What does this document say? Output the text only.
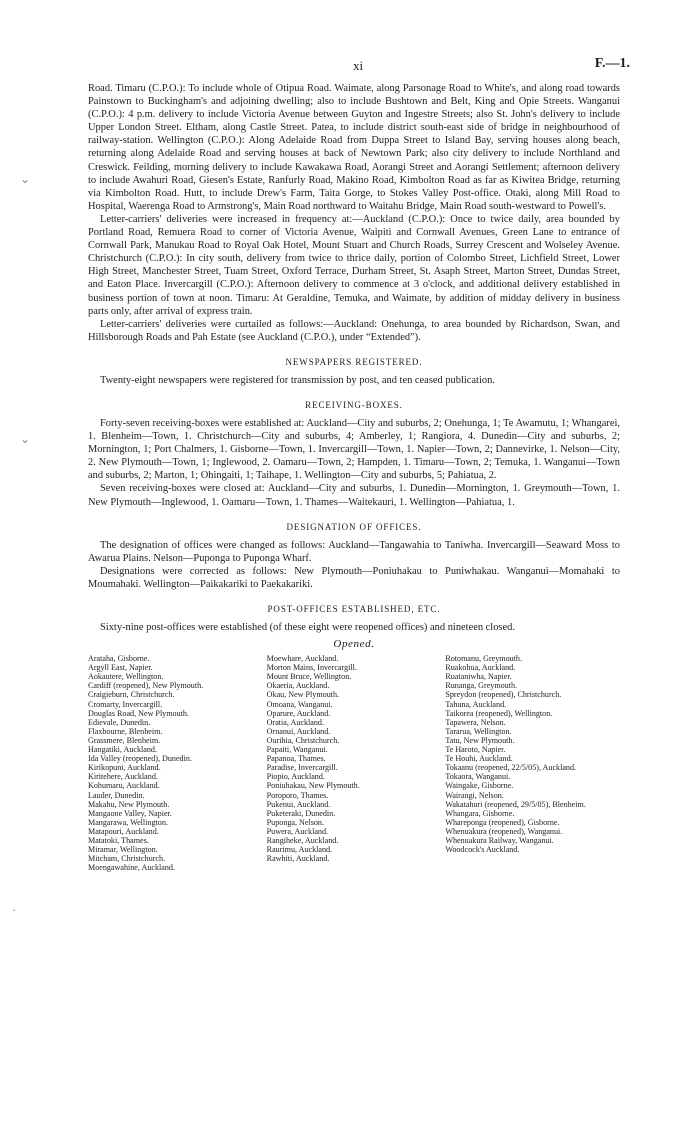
⌄
⌄
·
xi	F.—1.

Road. Timaru (C.P.O.): To include whole of Otipua Road. Waimate, along Parsonage Road to White's, and along road towards Painstown to Buckingham's and adjoining dwelling; also to include Bushtown and Belt, King and Opie Streets. Wanganui (C.P.O.): 4 p.m. delivery to include Victoria Avenue between Guyton and Ingestre Streets; also St. John's delivery to include Upper London Street. Eltham, along Castle Street. Patea, to include district south-east side of bridge in neighbourhood of railway-station. Wellington (C.P.O.): Along Adelaide Road from Duppa Street to Island Bay, serving houses along beach, returning along Adelaide Road and serving houses at back of Newtown Park; also city delivery to include Northland and Creswick. Feilding, morning delivery to include Kawakawa Road, Aorangi Street and Aorangi Settlement; afternoon delivery to include Awahuri Road, Giesen's Estate, Ranfurly Road, Makino Road, Kimbolton Road as far as Kiwitea Bridge, returning via Kimbolton Road. Hutt, to include Drew's Farm, Taita Gorge, to Stokes Valley Post-office. Otaki, along Mill Road to Hospital, Waerenga Road to Armstrong's, Main Road northward to Waitahu Bridge, Main Road south-westward to Powell's.

Letter-carriers' deliveries were increased in frequency at:—Auckland (C.P.O.): Once to twice daily, area bounded by Portland Road, Remuera Road to corner of Victoria Avenue, Waipiti and Cornwall Avenues, Green Lane to entrance of Cornwall Park, Manukau Road to Royal Oak Hotel, Mount Stuart and Church Roads, Surrey Crescent and Wolseley Avenue. Christchurch (C.P.O.): In city south, delivery from twice to thrice daily, portion of Colombo Street, Lichfield Street, Lower High Street, Manchester Street, Tuam Street, Oxford Terrace, Durham Street, St. Asaph Street, Marton Street, Dundas Street, and Eaton Place. Invercargill (C.P.O.): Afternoon delivery to commence at 3 o'clock, and additional delivery established in business portion of town at noon. Timaru: At Geraldine, Temuka, and Waimate, by addition of midday delivery in business parts only, after arrival of express train.

Letter-carriers' deliveries were curtailed as follows:—Auckland: Onehunga, to area bounded by Richardson, Swan, and Hillsborough Roads and Pah Estate (see Auckland (C.P.O.), under “Extended”).

NEWSPAPERS REGISTERED.

Twenty-eight newspapers were registered for transmission by post, and ten ceased publication.

RECEIVING-BOXES.

Forty-seven receiving-boxes were established at: Auckland—City and suburbs, 2; Onehunga, 1; Te Awamutu, 1; Whangarei, 1. Blenheim—Town, 1. Christchurch—City and suburbs, 4; Amberley, 1; Rangiora, 4. Dunedin—City and suburbs, 2; Mornington, 1; Port Chalmers, 1. Gisborne—Town, 1. Invercargill—Town, 1. Napier—Town, 2; Dannevirke, 1. Nelson—City, 2. New Plymouth—Town, 1; Inglewood, 2. Oamaru—Town, 2; Hampden, 1. Timaru—Town, 2; Temuka, 1. Wanganui—Town and suburbs, 2; Marton, 1; Ohingaiti, 1; Taihape, 1. Wellington—City and suburbs, 5; Pahiatua, 2.

Seven receiving-boxes were closed at: Auckland—City and suburbs, 1. Dunedin—Mornington, 1. Greymouth—Town, 1. New Plymouth—Inglewood, 1. Oamaru—Town, 1. Thames—Waitekauri, 1. Wellington—Pahiatua, 1.

DESIGNATION OF OFFICES.

The designation of offices were changed as follows: Auckland—Tangawahia to Taniwha. Invercargill—Seaward Moss to Awarua Plains. Nelson—Puponga to Puponga Wharf.

Designations were corrected as follows: New Plymouth—Poniuhakau to Puniwhakau. Wanganui—Momahaki to Moumahaki. Wellington—Paikakariki to Paekakariki.

POST-OFFICES ESTABLISHED, ETC.

Sixty-nine post-offices were established (of these eight were reopened offices) and nineteen closed.

Opened.
Arataha, Gisborne.
Argyll East, Napier.
Aokautere, Wellington.
Cardiff (reopened), New Plymouth.
Craigieburn, Christchurch.
Cromarty, Invercargill.
Douglas Road, New Plymouth.
Edievale, Dunedin.
Flaxbourne, Blenheim.
Grassmere, Blenheim.
Hangatiki, Auckland.
Ida Valley (reopened), Dunedin.
Kirikopuni, Auckland.
Kiritehere, Auckland.
Kohumaru, Auckland.
Lauder, Dunedin.
Makahu, New Plymouth.
Mangaone Valley, Napier.
Mangarawa, Wellington.
Matapouri, Auckland.
Matatoki, Thames.
Miramar, Wellington.
Mitcham, Christchurch.
Moengawahine, Auckland.
Moewhare, Auckland.
Morton Mains, Invercargill.
Mount Bruce, Wellington.
Okaeria, Auckland.
Okau, New Plymouth.
Omoana, Wanganui.
Oparure, Auckland.
Oratia, Auckland.
Ornanui, Auckland.
Ourihia, Christchurch.
Papaiti, Wanganui.
Papanoa, Thames.
Paradise, Invercargill.
Piopio, Auckland.
Poniuhakau, New Plymouth.
Poroporo, Thames.
Pukenui, Auckland.
Puketeraki, Dunedin.
Puponga, Nelson.
Puwera, Auckland.
Rangiheke, Auckland.
Raurimu, Auckland.
Rawhiti, Auckland.
Rotomanu, Greymouth.
Ruakohua, Auckland.
Ruataniwha, Napier.
Runanga, Greymouth.
Spreydon (reopened), Christchurch.
Tahuna, Auckland.
Taikorea (reopened), Wellington.
Tapawera, Nelson.
Tararua, Wellington.
Tatu, New Plymouth.
Te Haroto, Napier.
Te Houhi, Auckland.
Tokaanu (reopened, 22/5/05), Auckland.
Tokaora, Wanganui.
Waingake, Gisborne.
Wairangi, Nelson.
Wakatahuri (reopened, 29/5/05), Blenheim.
Whangara, Gisborne.
Whareponga (reopened), Gisborne.
Whenuakura (reopened), Wanganui.
Whenuakura Railway, Wanganui.
Woodcock's Auckland.
